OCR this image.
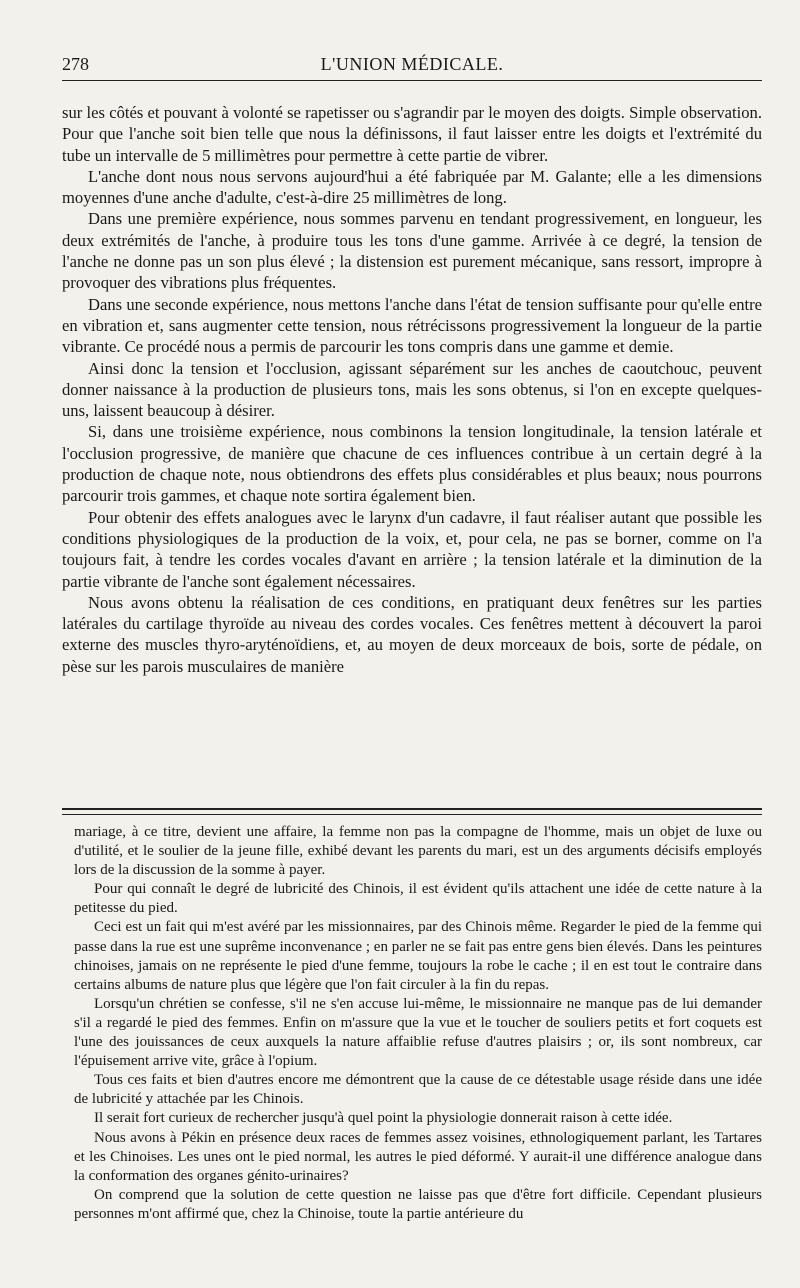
278	L'UNION MÉDICALE.

sur les côtés et pouvant à volonté se rapetisser ou s'agrandir par le moyen des doigts. Simple observation. Pour que l'anche soit bien telle que nous la définissons, il faut laisser entre les doigts et l'extrémité du tube un intervalle de 5 millimètres pour permettre à cette partie de vibrer.

L'anche dont nous nous servons aujourd'hui a été fabriquée par M. Galante; elle a les dimensions moyennes d'une anche d'adulte, c'est-à-dire 25 millimètres de long.

Dans une première expérience, nous sommes parvenu en tendant progressivement, en longueur, les deux extrémités de l'anche, à produire tous les tons d'une gamme. Arrivée à ce degré, la tension de l'anche ne donne pas un son plus élevé ; la distension est purement mécanique, sans ressort, impropre à provoquer des vibrations plus fréquentes.

Dans une seconde expérience, nous mettons l'anche dans l'état de tension suffisante pour qu'elle entre en vibration et, sans augmenter cette tension, nous rétrécissons progressivement la longueur de la partie vibrante. Ce procédé nous a permis de parcourir les tons compris dans une gamme et demie.

Ainsi donc la tension et l'occlusion, agissant séparément sur les anches de caoutchouc, peuvent donner naissance à la production de plusieurs tons, mais les sons obtenus, si l'on en excepte quelques-uns, laissent beaucoup à désirer.

Si, dans une troisième expérience, nous combinons la tension longitudinale, la tension latérale et l'occlusion progressive, de manière que chacune de ces influences contribue à un certain degré à la production de chaque note, nous obtiendrons des effets plus considérables et plus beaux; nous pourrons parcourir trois gammes, et chaque note sortira également bien.

Pour obtenir des effets analogues avec le larynx d'un cadavre, il faut réaliser autant que possible les conditions physiologiques de la production de la voix, et, pour cela, ne pas se borner, comme on l'a toujours fait, à tendre les cordes vocales d'avant en arrière ; la tension latérale et la diminution de la partie vibrante de l'anche sont également nécessaires.

Nous avons obtenu la réalisation de ces conditions, en pratiquant deux fenêtres sur les parties latérales du cartilage thyroïde au niveau des cordes vocales. Ces fenêtres mettent à découvert la paroi externe des muscles thyro-aryténoïdiens, et, au moyen de deux morceaux de bois, sorte de pédale, on pèse sur les parois musculaires de manière

mariage, à ce titre, devient une affaire, la femme non pas la compagne de l'homme, mais un objet de luxe ou d'utilité, et le soulier de la jeune fille, exhibé devant les parents du mari, est un des arguments décisifs employés lors de la discussion de la somme à payer.

Pour qui connaît le degré de lubricité des Chinois, il est évident qu'ils attachent une idée de cette nature à la petitesse du pied.

Ceci est un fait qui m'est avéré par les missionnaires, par des Chinois même. Regarder le pied de la femme qui passe dans la rue est une suprême inconvenance ; en parler ne se fait pas entre gens bien élevés. Dans les peintures chinoises, jamais on ne représente le pied d'une femme, toujours la robe le cache ; il en est tout le contraire dans certains albums de nature plus que légère que l'on fait circuler à la fin du repas.

Lorsqu'un chrétien se confesse, s'il ne s'en accuse lui-même, le missionnaire ne manque pas de lui demander s'il a regardé le pied des femmes. Enfin on m'assure que la vue et le toucher de souliers petits et fort coquets est l'une des jouissances de ceux auxquels la nature affaiblie refuse d'autres plaisirs ; or, ils sont nombreux, car l'épuisement arrive vite, grâce à l'opium.

Tous ces faits et bien d'autres encore me démontrent que la cause de ce détestable usage réside dans une idée de lubricité y attachée par les Chinois.

Il serait fort curieux de rechercher jusqu'à quel point la physiologie donnerait raison à cette idée.

Nous avons à Pékin en présence deux races de femmes assez voisines, ethnologiquement parlant, les Tartares et les Chinoises. Les unes ont le pied normal, les autres le pied déformé. Y aurait-il une différence analogue dans la conformation des organes génito-urinaires?

On comprend que la solution de cette question ne laisse pas que d'être fort difficile. Cependant plusieurs personnes m'ont affirmé que, chez la Chinoise, toute la partie antérieure du
